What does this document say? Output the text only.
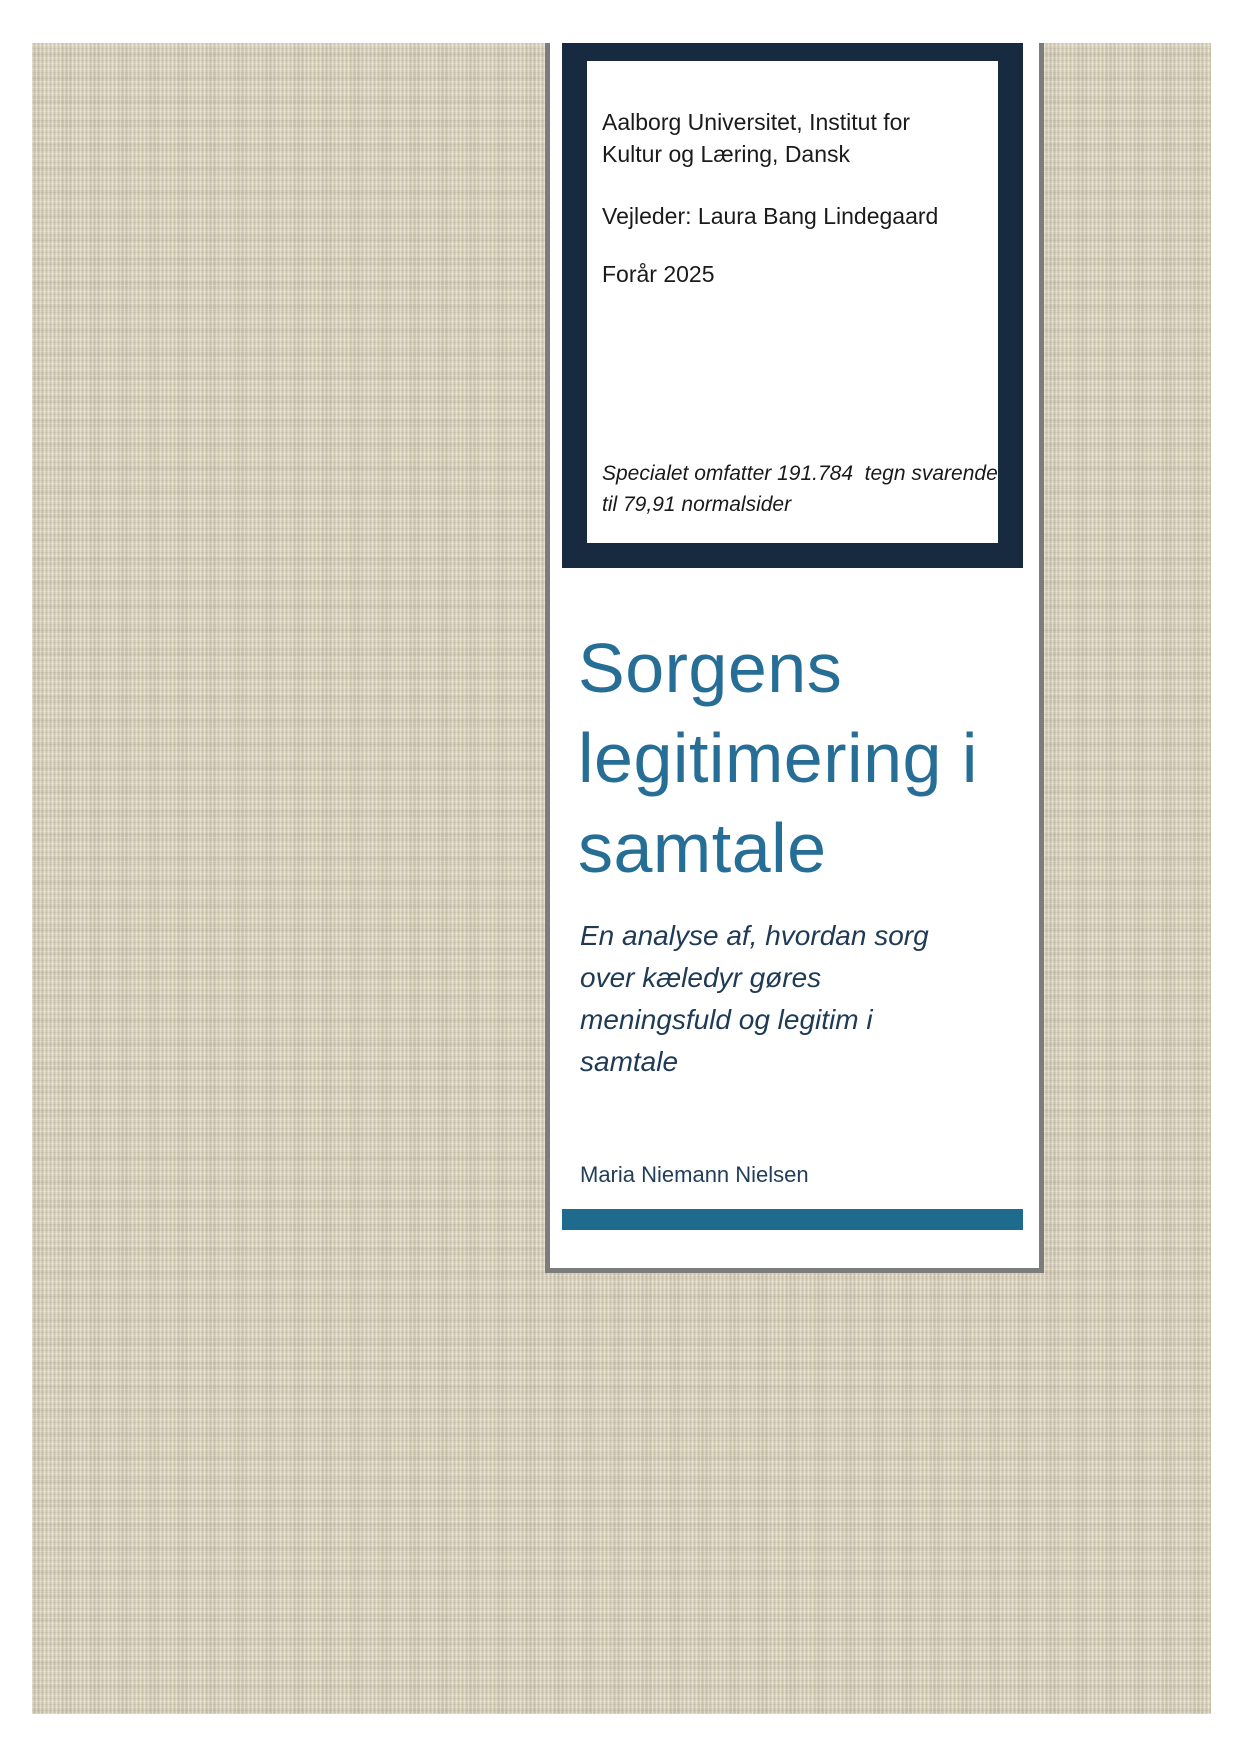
Aalborg Universitet, Institut for
Kultur og Læring, Dansk
Vejleder: Laura Bang Lindegaard
Forår 2025
Specialet omfatter 191.784  tegn svarende
til 79,91 normalsider
Sorgens
legitimering i
samtale
En analyse af, hvordan sorg
over kæledyr gøres
meningsfuld og legitim i
samtale
Maria Niemann Nielsen
